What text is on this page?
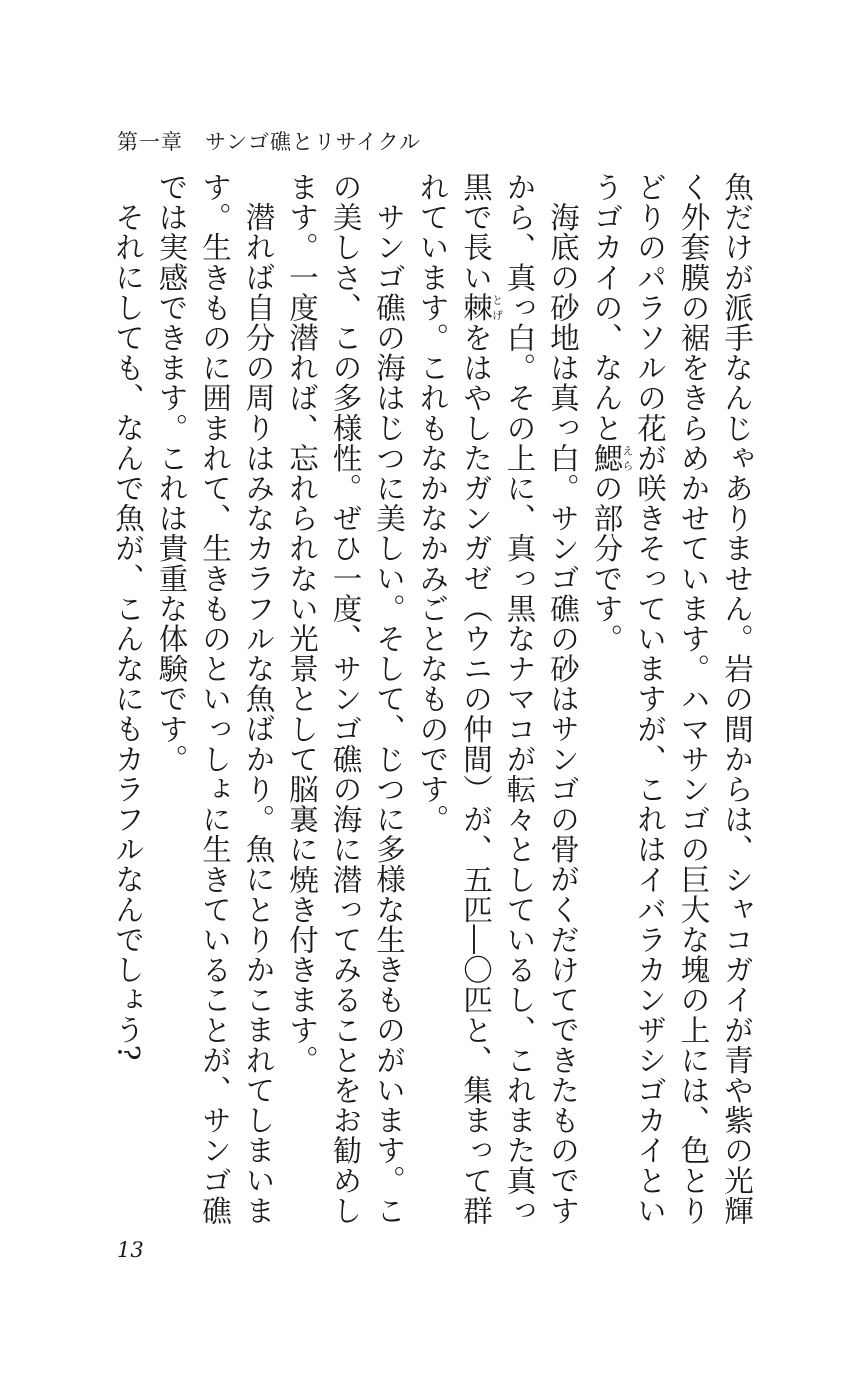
第一章　サンゴ礁とリサイクル

魚だけが派手なんじゃありません。岩の間からは、シャコガイが青や紫の光輝く外套膜の裾をきらめかせています。ハマサンゴの巨大な塊の上には、色とりどりのパラソルの花が咲きそっていますが、これはイバラカンザシゴカイというゴカイの、なんと鰓えらの部分です。

海底の砂地は真っ白。サンゴ礁の砂はサンゴの骨がくだけてできたものですから、真っ白。その上に、真っ黒なナマコが転々としているし、これまた真っ黒で長い棘とげをはやしたガンガゼ（ウニの仲間）が、五匹―〇匹と、集まって群れています。これもなかなかみごとなものです。

サンゴ礁の海はじつに美しい。そして、じつに多様な生きものがいます。この美しさ、この多様性。ぜひ一度、サンゴ礁の海に潜ってみることをお勧めします。一度潜れば、忘れられない光景として脳裏に焼き付きます。

潜れば自分の周りはみなカラフルな魚ばかり。魚にとりかこまれてしまいます。生きものに囲まれて、生きものといっしょに生きていることが、サンゴ礁では実感できます。これは貴重な体験です。

それにしても、なんで魚が、こんなにもカラフルなんでしょう?

13
